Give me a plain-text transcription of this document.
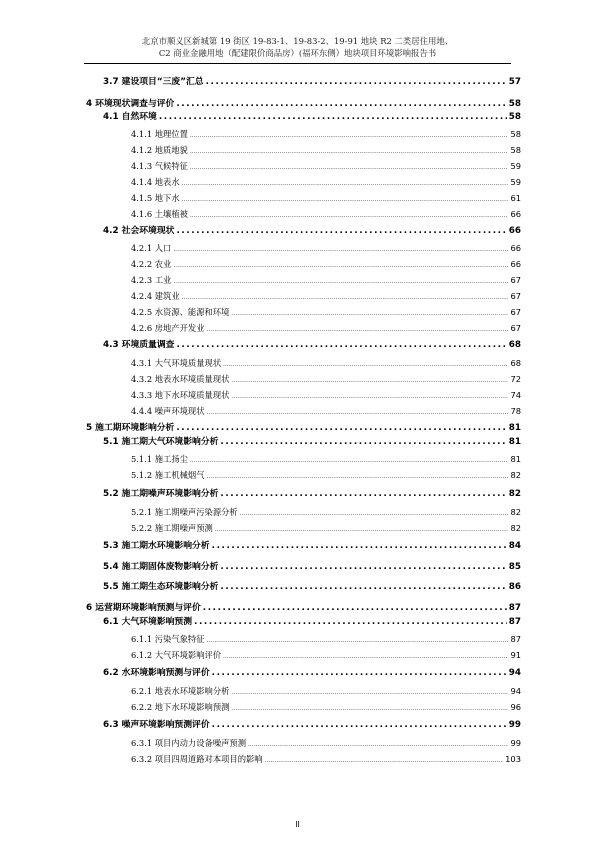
北京市顺义区新城第 19 街区 19-83-1、19-83-2、19-91 地块 R2 二类居住用地、
C2 商业金融用地（配建限价商品房）(福环东侧）地块项目环境影响报告书
3.7 建设项目“三废”汇总 .....	57
4 环境现状调查与评价 .....	58
4.1 自然环境 .....	58
4.1.1 地理位置 .....	58
4.1.2 地质地貌 .....	58
4.1.3 气候特征 .....	59
4.1.4 地表水 .....	59
4.1.5 地下水 .....	61
4.1.6 土壤植被 .....	66
4.2 社会环境现状 .....	66
4.2.1 人口 .....	66
4.2.2 农业 .....	66
4.2.3 工业 .....	67
4.2.4 建筑业 .....	67
4.2.5 水资源、能源和环境 .....	67
4.2.6 房地产开发业 .....	67
4.3 环境质量调查 .....	68
4.3.1 大气环境质量现状 .....	68
4.3.2 地表水环境质量现状 .....	72
4.3.3 地下水环境质量现状 .....	74
4.4.4 噪声环境现状 .....	78
5 施工期环境影响分析 .....	81
5.1 施工期大气环境影响分析 .....	81
5.1.1 施工扬尘 .....	81
5.1.2 施工机械烟气 .....	82
5.2 施工期噪声环境影响分析 .....	82
5.2.1 施工期噪声污染源分析 .....	82
5.2.2 施工期噪声预测 .....	82
5.3 施工期水环境影响分析 .....	84
5.4 施工期固体废物影响分析 .....	85
5.5 施工期生态环境影响分析 .....	86
6 运营期环境影响预测与评价 .....	87
6.1 大气环境影响预测 .....	87
6.1.1 污染气象特征 .....	87
6.1.2 大气环境影响评价 .....	91
6.2 水环境影响预测与评价 .....	94
6.2.1 地表水环境影响分析 .....	94
6.2.2 地下水环境影响预测 .....	96
6.3 噪声环境影响预测评价 .....	99
6.3.1 项目内动力设备噪声预测 .....	99
6.3.2 项目四周道路对本项目的影响 .....	103
II
